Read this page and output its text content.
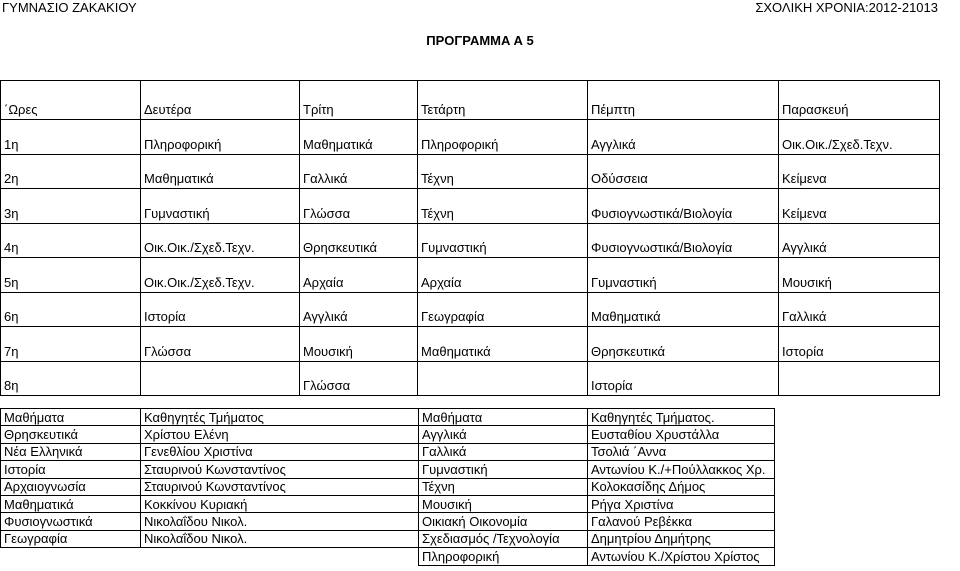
ΓΥΜΝΑΣΙΟ ΖΑΚΑΚΙΟΥ	ΣΧΟΛΙΚΗ ΧΡΟΝΙΑ:2012-21013
ΠΡΟΓΡΑΜΜΑ Α 5
΄Ωρες	Δευτέρα	Τρίτη	Τετάρτη	Πέμπτη	Παρασκευή
1η	Πληροφορική	Μαθηματικά	Πληροφορική	Αγγλικά	Οικ.Οικ./Σχεδ.Τεχν.
2η	Μαθηματικά	Γαλλικά	Τέχνη	Οδύσσεια	Κείμενα
3η	Γυμναστική	Γλώσσα	Τέχνη	Φυσιογνωστικά/Βιολογία	Κείμενα
4η	Οικ.Οικ./Σχεδ.Τεχν.	Θρησκευτικά	Γυμναστική	Φυσιογνωστικά/Βιολογία	Αγγλικά
5η	Οικ.Οικ./Σχεδ.Τεχν.	Αρχαία	Αρχαία	Γυμναστική	Μουσική
6η	Ιστορία	Αγγλικά	Γεωγραφία	Μαθηματικά	Γαλλικά
7η	Γλώσσα	Μουσική	Μαθηματικά	Θρησκευτικά	Ιστορία
8η		Γλώσσα		Ιστορία	
Μαθήματα	Καθηγητές Τμήματος	Μαθήματα	Καθηγητές Τμήματος.
Θρησκευτικά	Χρίστου Ελένη	Αγγλικά	Ευσταθίου Χρυστάλλα
Νέα Ελληνικά	Γενεθλίου Χριστίνα	Γαλλικά	Τσολιά ΄Αννα
Ιστορία	Σταυρινού Κωνσταντίνος	Γυμναστική	Αντωνίου Κ./+Πούλλακκος Χρ.
Αρχαιογνωσία	Σταυρινού Κωνσταντίνος	Τέχνη	Κολοκασίδης Δήμος
Μαθηματικά	Κοκκίνου Κυριακή	Μουσική	Ρήγα Χριστίνα
Φυσιογνωστικά	Νικολαΐδου Νικολ.	Οικιακή Οικονομία	Γαλανού Ρεβέκκα
Γεωγραφία	Νικολαΐδου Νικολ.	Σχεδιασμός /Τεχνολογία	Δημητρίου Δημήτρης
		Πληροφορική	Αντωνίου Κ./Χρίστου Χρίστος
